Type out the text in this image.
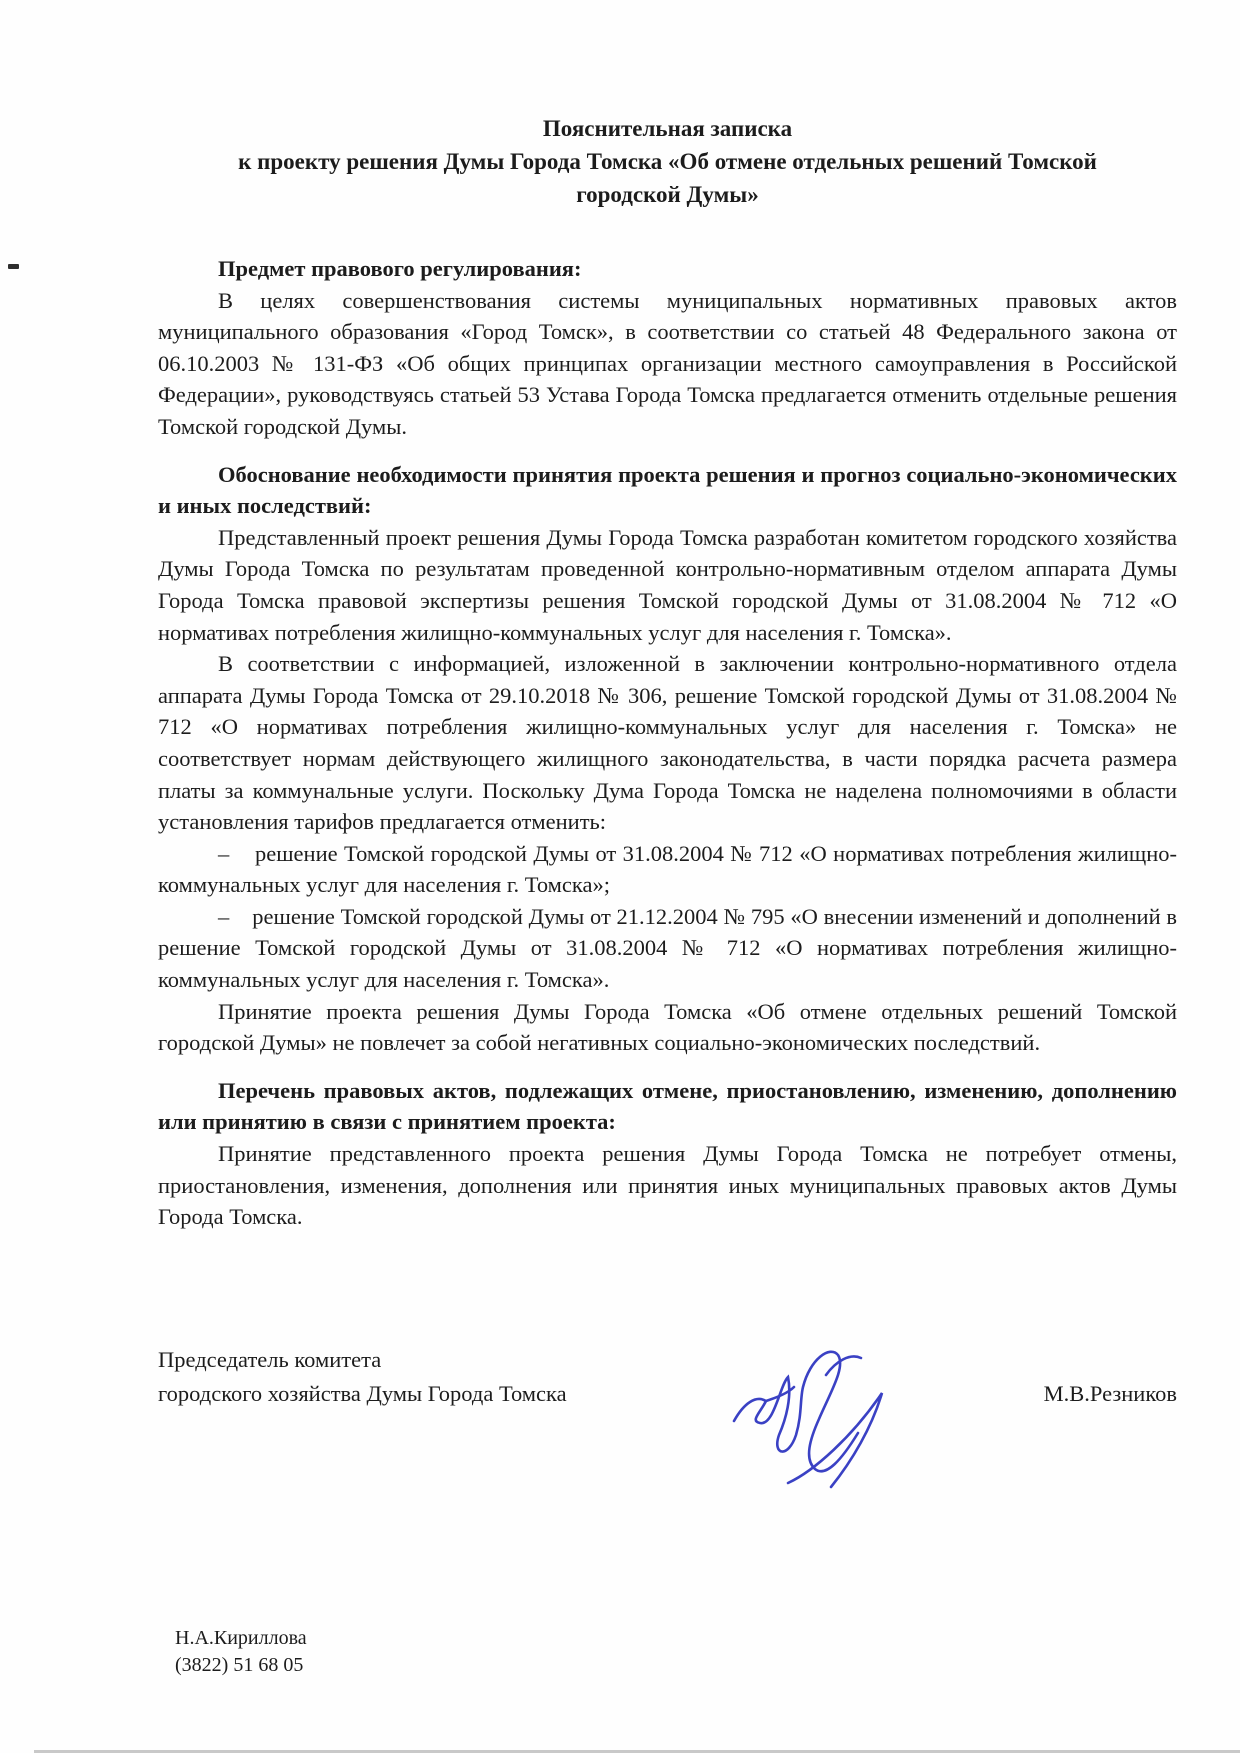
Пояснительная записка
к проекту решения Думы Города Томска «Об отмене отдельных решений Томской
городской Думы»

Предмет правового регулирования:

В целях совершенствования системы муниципальных нормативных правовых актов муниципального образования «Город Томск», в соответствии со статьей 48 Федерального закона от 06.10.2003 № 131-ФЗ «Об общих принципах организации местного самоуправления в Российской Федерации», руководствуясь статьей 53 Устава Города Томска предлагается отменить отдельные решения Томской городской Думы.

Обоснование необходимости принятия проекта решения и прогноз социально-экономических и иных последствий:

Представленный проект решения Думы Города Томска разработан комитетом городского хозяйства Думы Города Томска по результатам проведенной контрольно-нормативным отделом аппарата Думы Города Томска правовой экспертизы решения Томской городской Думы от 31.08.2004 № 712 «О нормативах потребления жилищно-коммунальных услуг для населения г. Томска».

В соответствии с информацией, изложенной в заключении контрольно-нормативного отдела аппарата Думы Города Томска от 29.10.2018 № 306, решение Томской городской Думы от 31.08.2004 № 712 «О нормативах потребления жилищно-коммунальных услуг для населения г. Томска» не соответствует нормам действующего жилищного законодательства, в части порядка расчета размера платы за коммунальные услуги. Поскольку Дума Города Томска не наделена полномочиями в области установления тарифов предлагается отменить:

–    решение Томской городской Думы от 31.08.2004 № 712 «О нормативах потребления жилищно-коммунальных услуг для населения г. Томска»;

–    решение Томской городской Думы от 21.12.2004 № 795 «О внесении изменений и дополнений в решение Томской городской Думы от 31.08.2004 № 712 «О нормативах потребления жилищно-коммунальных услуг для населения г. Томска».

Принятие проекта решения Думы Города Томска «Об отмене отдельных решений Томской городской Думы» не повлечет за собой негативных социально-экономических последствий.

Перечень правовых актов, подлежащих отмене, приостановлению, изменению, дополнению или принятию в связи с принятием проекта:

Принятие представленного проекта решения Думы Города Томска не потребует отмены, приостановления, изменения, дополнения или принятия иных муниципальных правовых актов Думы Города Томска.

Председатель комитета
городского хозяйства Думы Города Томска	М.В.Резников
Н.А.Кириллова
(3822) 51 68 05
